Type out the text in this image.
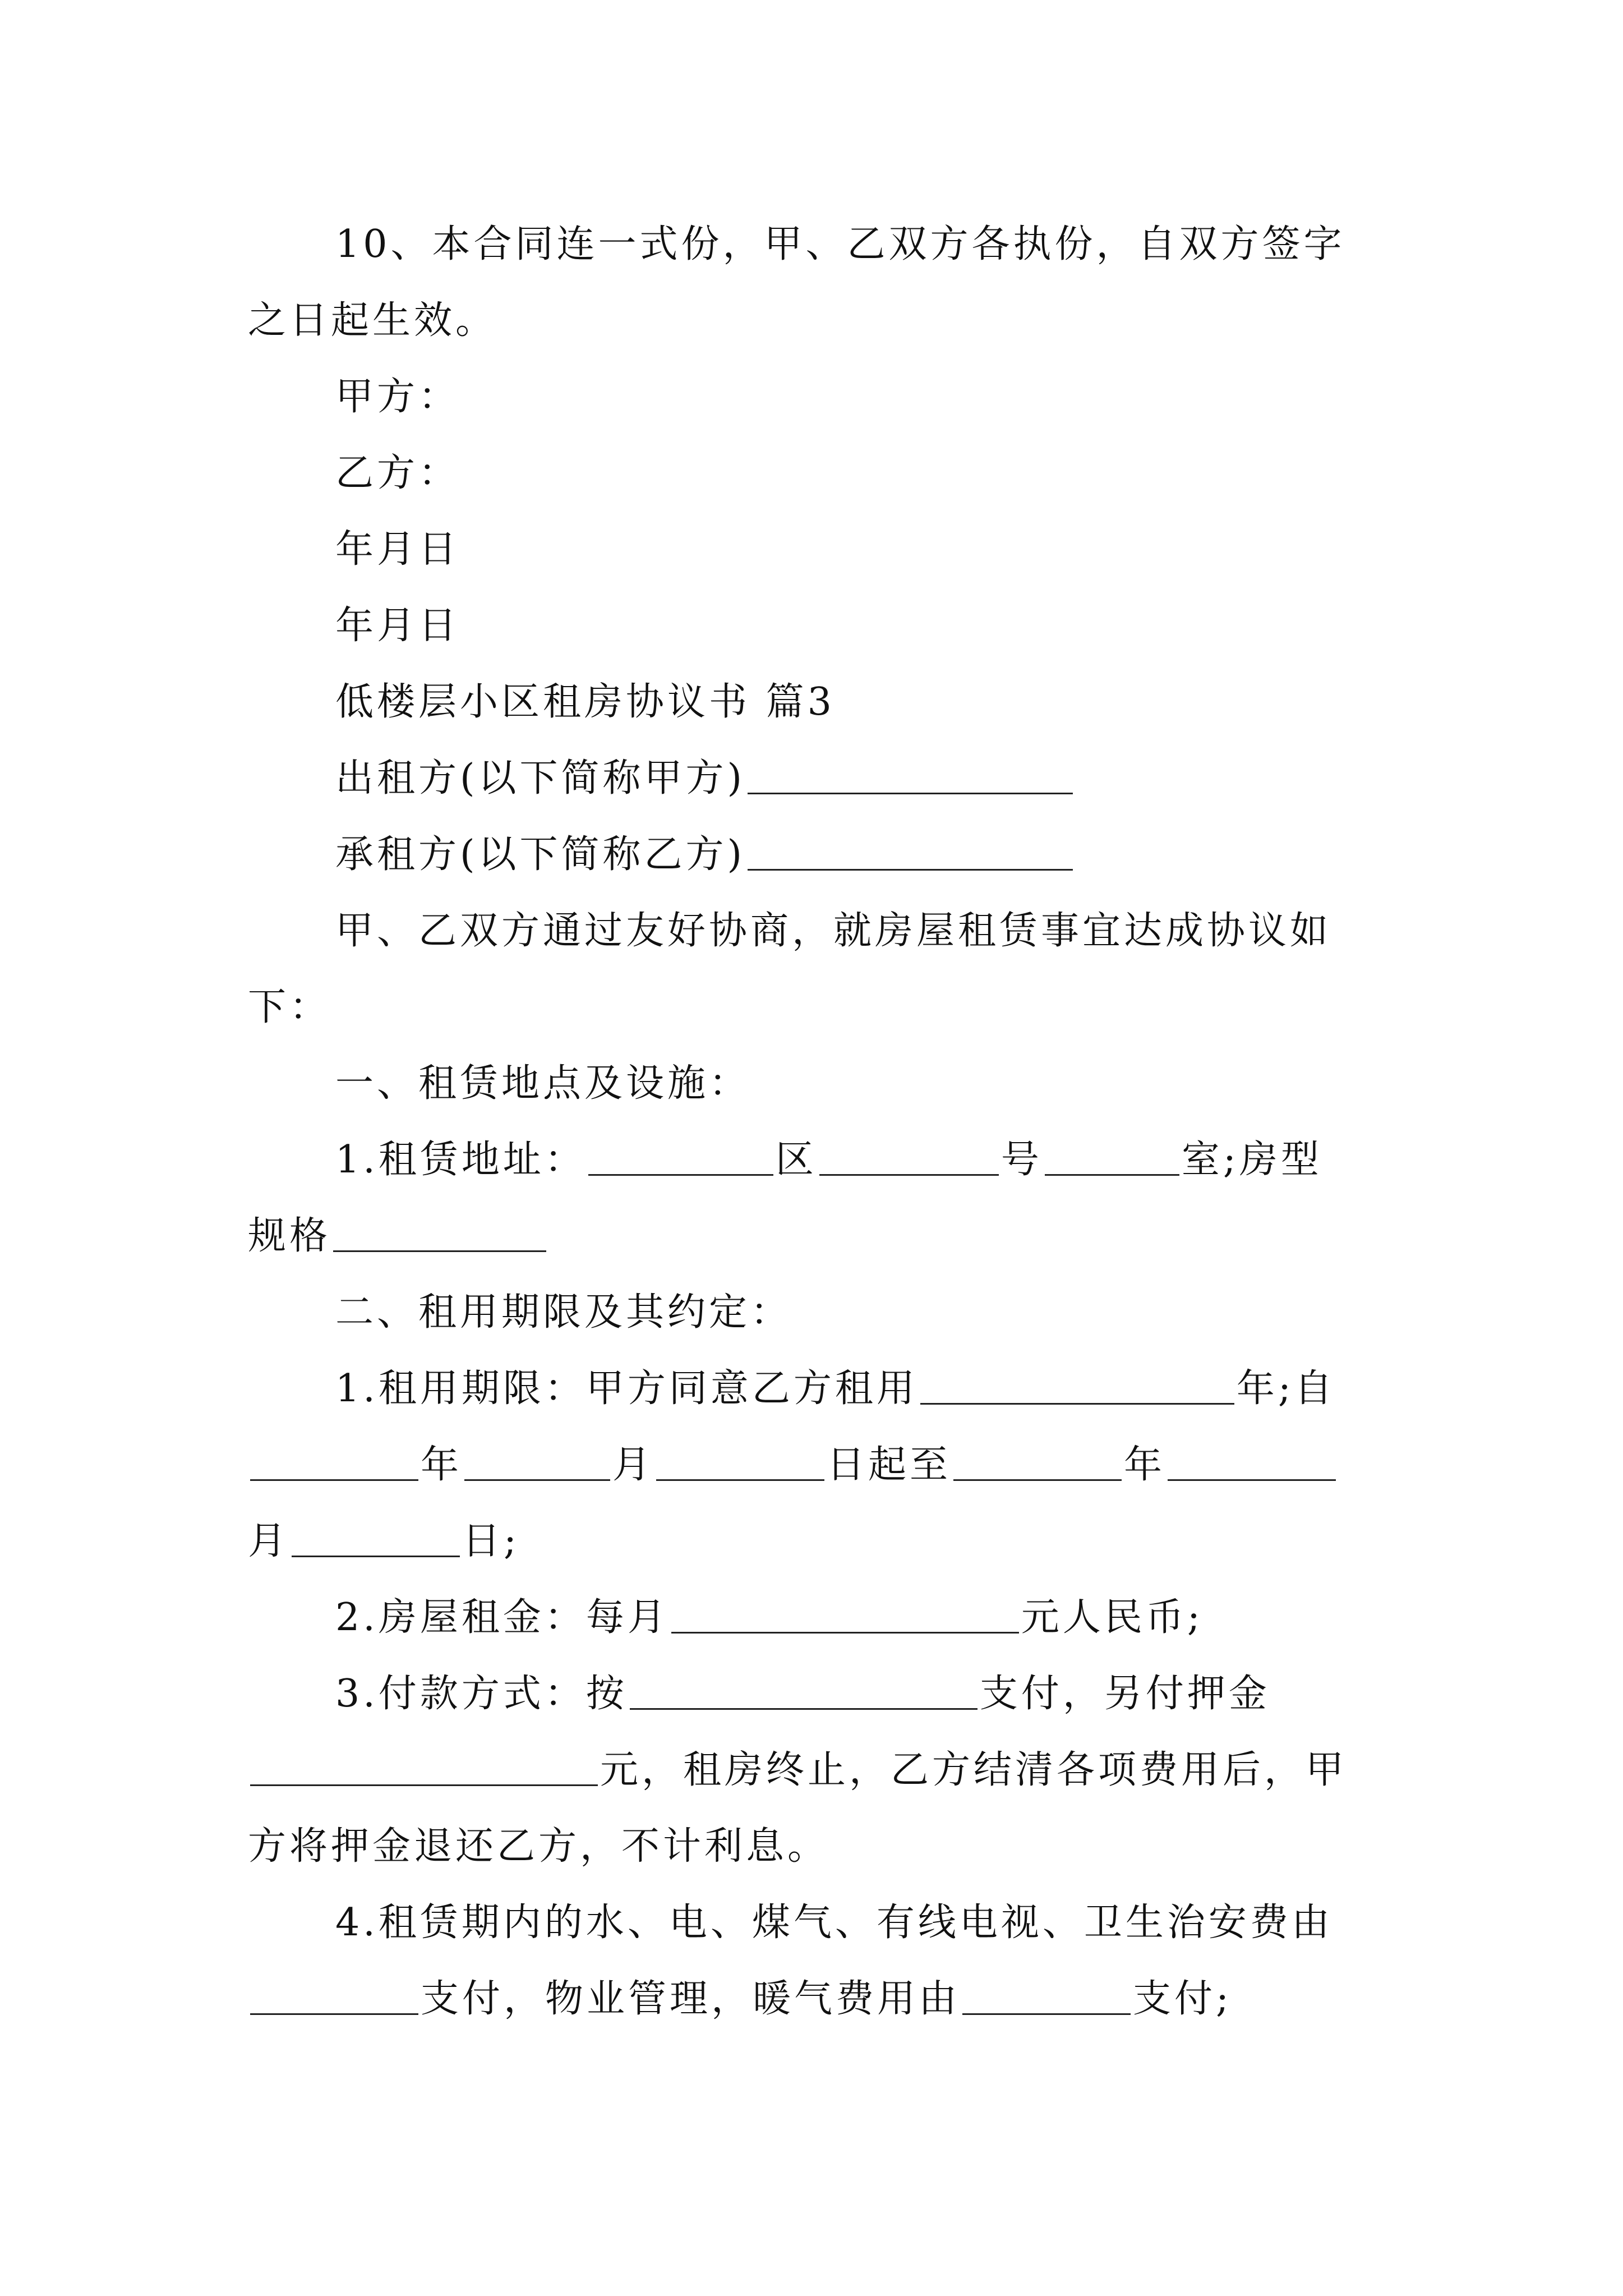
10、本合同连一式份，甲、乙双方各执份，自双方签字
之日起生效。
甲方：
乙方：
年月日
年月日
低楼层小区租房协议书 篇3
出租方(以下简称甲方)
承租方(以下简称乙方)
甲、乙双方通过友好协商，就房屋租赁事宜达成协议如
下：
一、租赁地点及设施：
1.租赁地址：	区	号	室;房型
规格
二、租用期限及其约定：
1.租用期限：甲方同意乙方租用	年;自
年	月	日起至	年
月	日;
2.房屋租金：每月	元人民币;
3.付款方式：按	支付，另付押金
元，租房终止，乙方结清各项费用后，甲
方将押金退还乙方，不计利息。
4.租赁期内的水、电、煤气、有线电视、卫生治安费由
支付，物业管理，暖气费用由	支付;
